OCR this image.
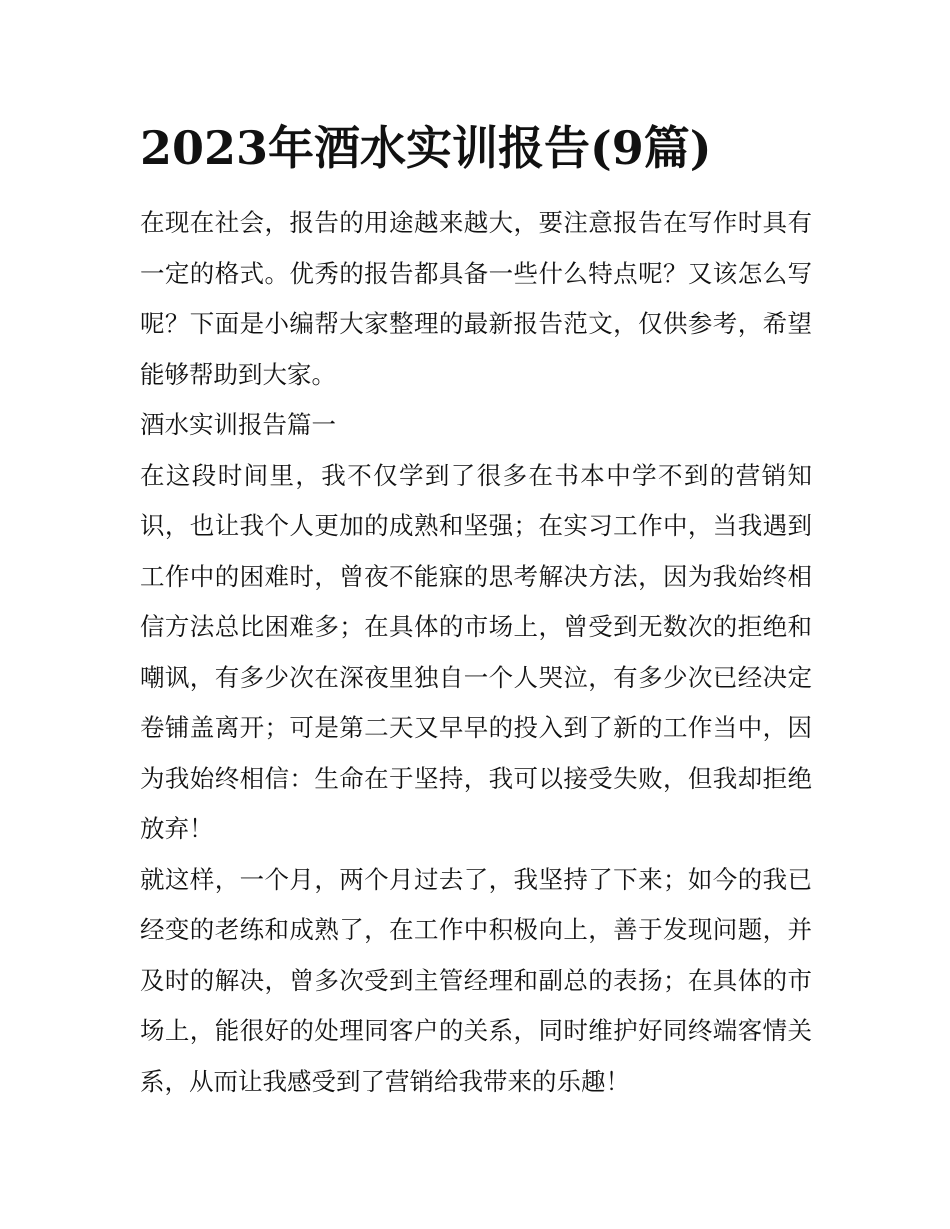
2023年酒水实训报告(9篇)

在现在社会，报告的用途越来越大，要注意报告在写作时具有一定的格式。优秀的报告都具备一些什么特点呢？又该怎么写呢？下面是小编帮大家整理的最新报告范文，仅供参考，希望能够帮助到大家。

酒水实训报告篇一

在这段时间里，我不仅学到了很多在书本中学不到的营销知识，也让我个人更加的成熟和坚强；在实习工作中，当我遇到工作中的困难时，曾夜不能寐的思考解决方法，因为我始终相信方法总比困难多；在具体的市场上，曾受到无数次的拒绝和嘲讽，有多少次在深夜里独自一个人哭泣，有多少次已经决定卷铺盖离开；可是第二天又早早的投入到了新的工作当中，因为我始终相信：生命在于坚持，我可以接受失败，但我却拒绝放弃！

就这样，一个月，两个月过去了，我坚持了下来；如今的我已经变的老练和成熟了，在工作中积极向上，善于发现问题，并及时的解决，曾多次受到主管经理和副总的表扬；在具体的市场上，能很好的处理同客户的关系，同时维护好同终端客情关系，从而让我感受到了营销给我带来的乐趣！
